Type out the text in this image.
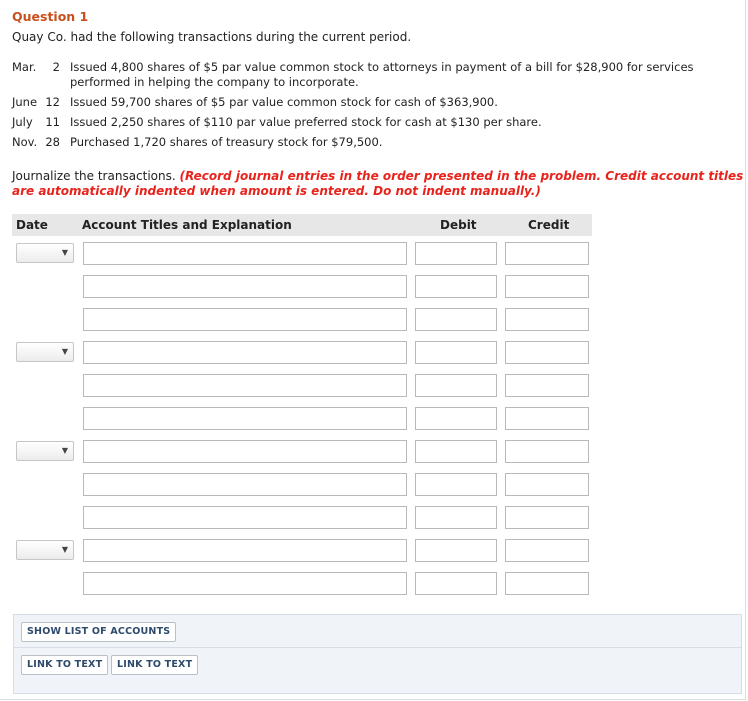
Question 1
Quay Co. had the following transactions during the current period.
Mar.	2 Issued 4,800 shares of $5 par value common stock to attorneys in payment of a bill for $28,900 for services
performed in helping the company to incorporate.
June 12 Issued 59,700 shares of $5 par value common stock for cash of $363,900.
July	11 Issued 2,250 shares of $110 par value preferred stock for cash at $130 per share.
Nov. 28 Purchased 1,720 shares of treasury stock for $79,500.
Journalize the transactions. (Record journal entries in the order presented in the problem. Credit account titles are automatically indented when amount is entered. Do not indent manually.)
Date	Account Titles and Explanation	Debit	Credit
▼
▼
▼
▼
SHOW LIST OF ACCOUNTS
LINK TO TEXT	LINK TO TEXT
